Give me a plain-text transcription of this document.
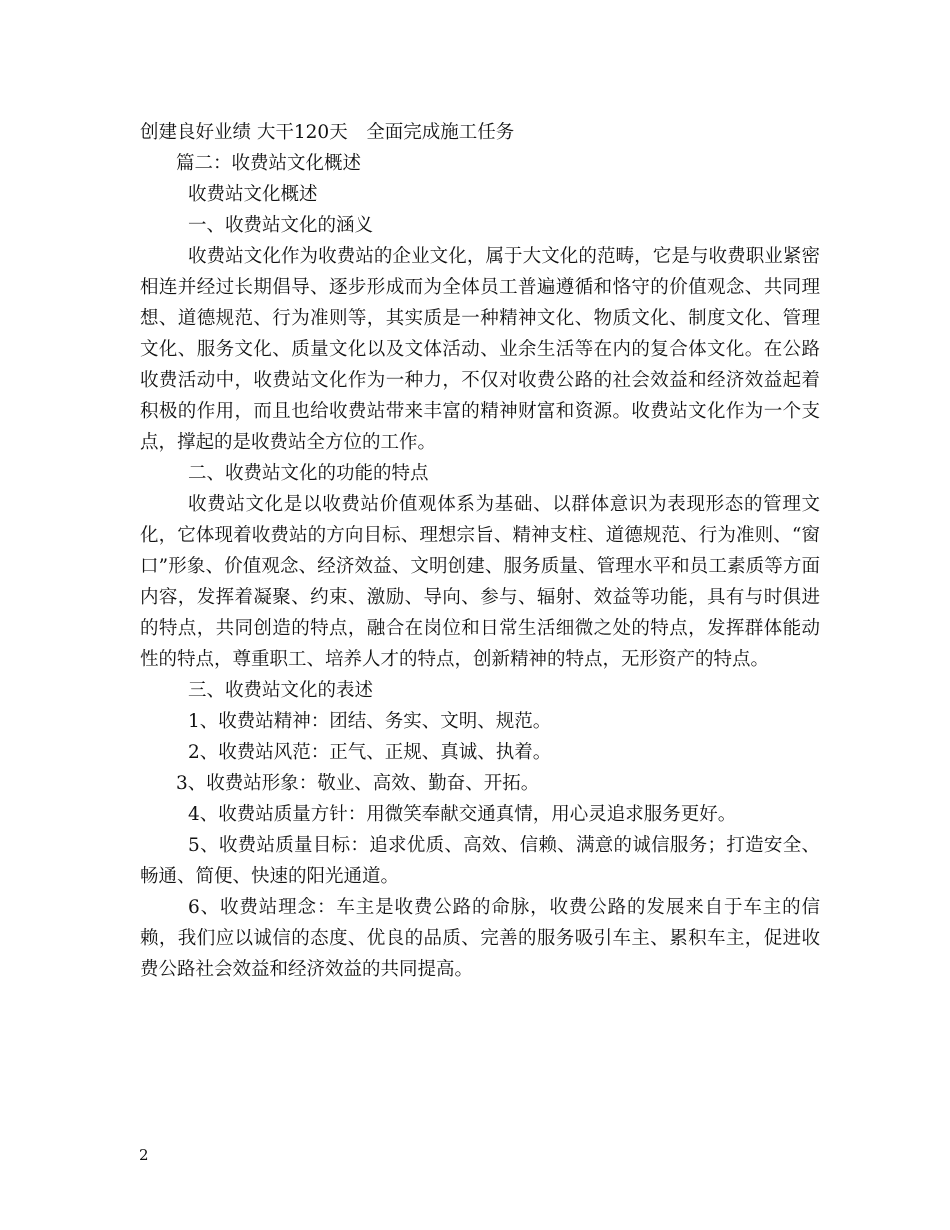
创建良好业绩 大干120天　全面完成施工任务

篇二：收费站文化概述

收费站文化概述

一、收费站文化的涵义

收费站文化作为收费站的企业文化，属于大文化的范畴，它是与收费职业紧密相连并经过长期倡导、逐步形成而为全体员工普遍遵循和恪守的价值观念、共同理想、道德规范、行为准则等，其实质是一种精神文化、物质文化、制度文化、管理文化、服务文化、质量文化以及文体活动、业余生活等在内的复合体文化。在公路收费活动中，收费站文化作为一种力，不仅对收费公路的社会效益和经济效益起着积极的作用，而且也给收费站带来丰富的精神财富和资源。收费站文化作为一个支点，撑起的是收费站全方位的工作。

二、收费站文化的功能的特点

收费站文化是以收费站价值观体系为基础、以群体意识为表现形态的管理文化，它体现着收费站的方向目标、理想宗旨、精神支柱、道德规范、行为准则、“窗口”形象、价值观念、经济效益、文明创建、服务质量、管理水平和员工素质等方面内容，发挥着凝聚、约束、激励、导向、参与、辐射、效益等功能，具有与时俱进的特点，共同创造的特点，融合在岗位和日常生活细微之处的特点，发挥群体能动性的特点，尊重职工、培养人才的特点，创新精神的特点，无形资产的特点。

三、收费站文化的表述

1、收费站精神：团结、务实、文明、规范。

2、收费站风范：正气、正规、真诚、执着。

3、收费站形象：敬业、高效、勤奋、开拓。

4、收费站质量方针：用微笑奉献交通真情，用心灵追求服务更好。

5、收费站质量目标：追求优质、高效、信赖、满意的诚信服务；打造安全、畅通、简便、快速的阳光通道。

6、收费站理念：车主是收费公路的命脉，收费公路的发展来自于车主的信赖，我们应以诚信的态度、优良的品质、完善的服务吸引车主、累积车主，促进收费公路社会效益和经济效益的共同提高。

2
